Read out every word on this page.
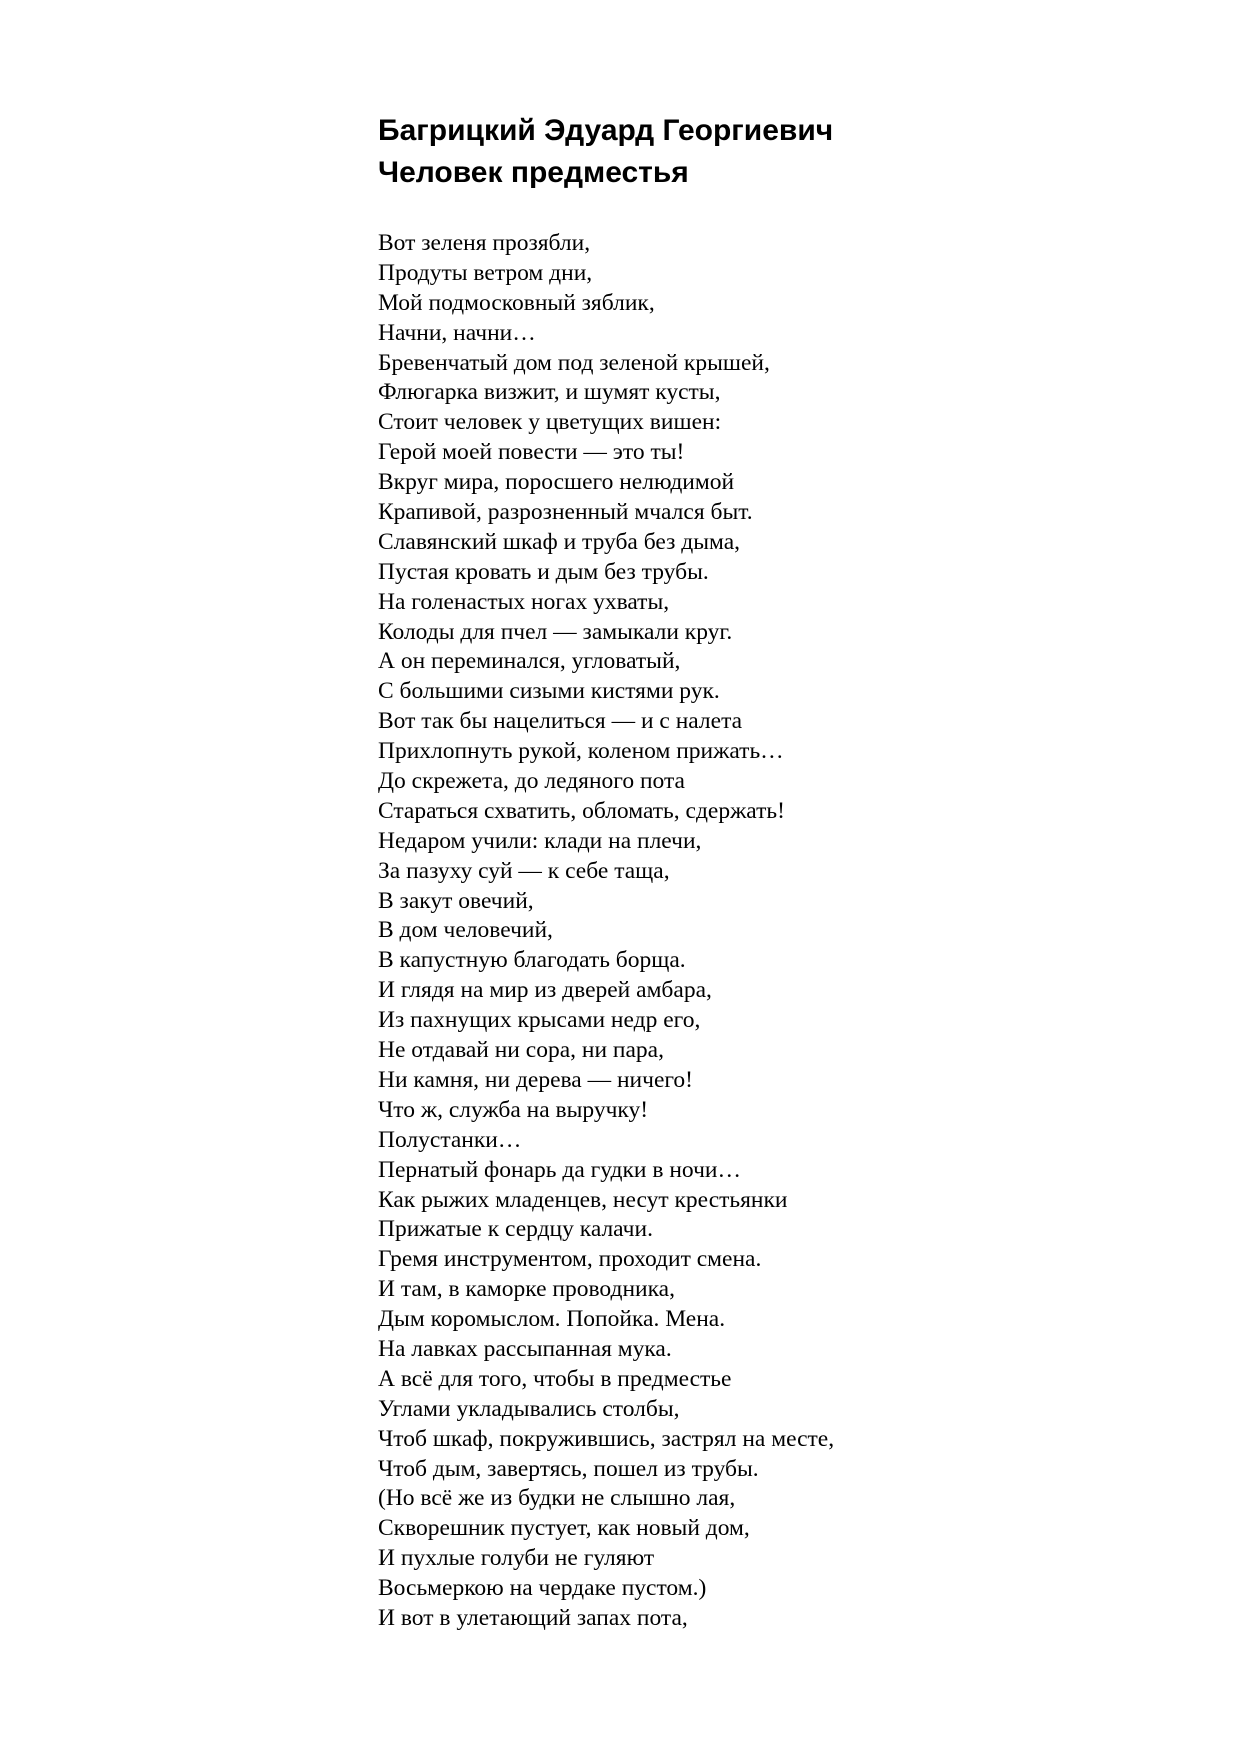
Багрицкий Эдуард Георгиевич
Человек предместья
Вот зеленя прозябли,
Продуты ветром дни,
Мой подмосковный зяблик,
Начни, начни…
Бревенчатый дом под зеленой крышей,
Флюгарка визжит, и шумят кусты,
Стоит человек у цветущих вишен:
Герой моей повести — это ты!
Вкруг мира, поросшего нелюдимой
Крапивой, разрозненный мчался быт.
Славянский шкаф и труба без дыма,
Пустая кровать и дым без трубы.
На голенастых ногах ухваты,
Колоды для пчел — замыкали круг.
А он переминался, угловатый,
С большими сизыми кистями рук.
Вот так бы нацелиться — и с налета
Прихлопнуть рукой, коленом прижать…
До скрежета, до ледяного пота
Стараться схватить, обломать, сдержать!
Недаром учили: клади на плечи,
За пазуху суй — к себе таща,
В закут овечий,
В дом человечий,
В капустную благодать борща.
И глядя на мир из дверей амбара,
Из пахнущих крысами недр его,
Не отдавай ни сора, ни пара,
Ни камня, ни дерева — ничего!
Что ж, служба на выручку!
Полустанки…
Пернатый фонарь да гудки в ночи…
Как рыжих младенцев, несут крестьянки
Прижатые к сердцу калачи.
Гремя инструментом, проходит смена.
И там, в каморке проводника,
Дым коромыслом. Попойка. Мена.
На лавках рассыпанная мука.
А всё для того, чтобы в предместье
Углами укладывались столбы,
Чтоб шкаф, покружившись, застрял на месте,
Чтоб дым, завертясь, пошел из трубы.
(Но всё же из будки не слышно лая,
Скворешник пустует, как новый дом,
И пухлые голуби не гуляют
Восьмеркою на чердаке пустом.)
И вот в улетающий запах пота,
